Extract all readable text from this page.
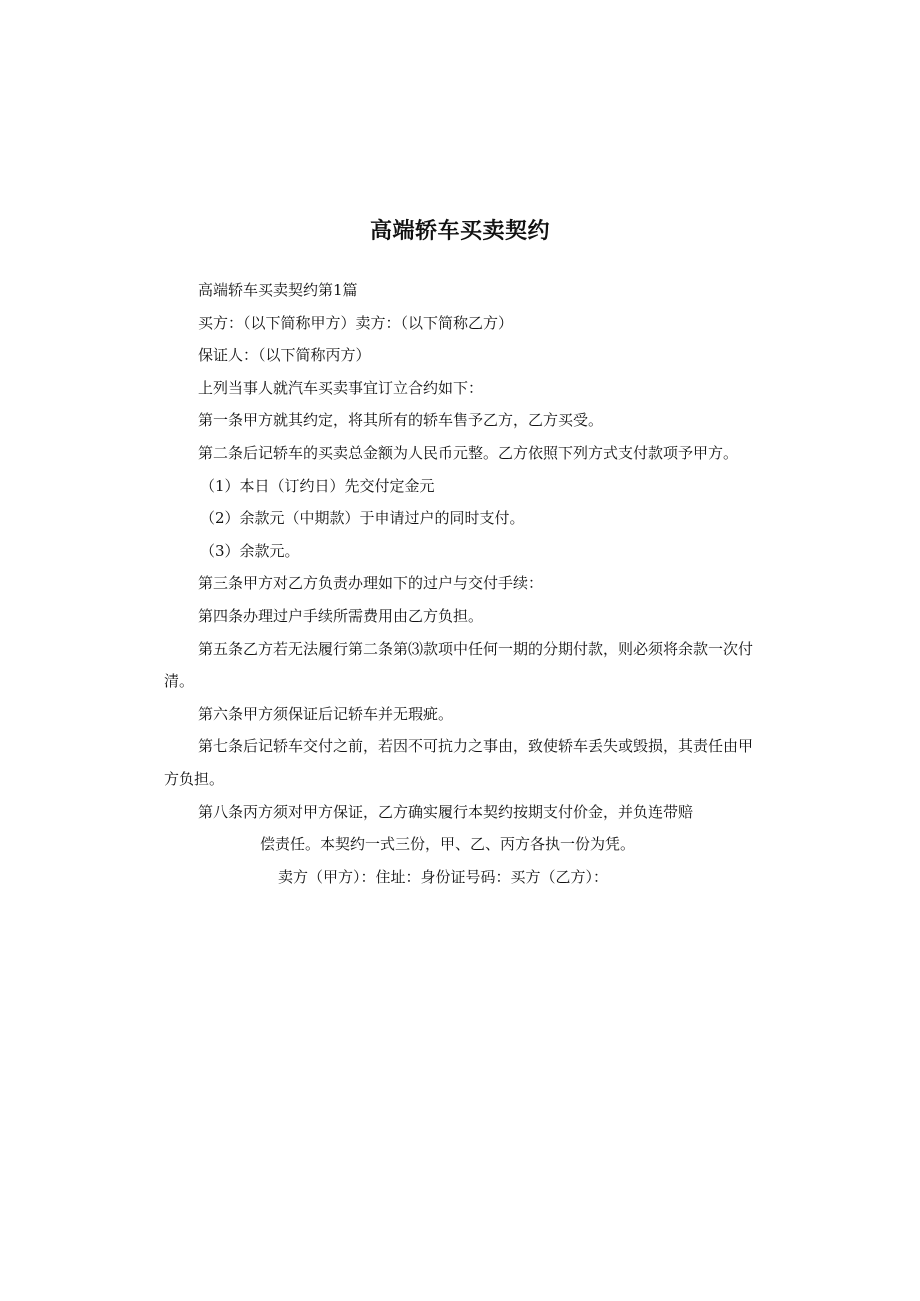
高端轿车买卖契约

高端轿车买卖契约第1篇

买方：（以下简称甲方）卖方：（以下简称乙方）

保证人：（以下简称丙方）

上列当事人就汽车买卖事宜订立合约如下：

第一条甲方就其约定，将其所有的轿车售予乙方，乙方买受。

第二条后记轿车的买卖总金额为人民币元整。乙方依照下列方式支付款项予甲方。

（1）本日（订约日）先交付定金元

（2）余款元（中期款）于申请过户的同时支付。

（3）余款元。

第三条甲方对乙方负责办理如下的过户与交付手续：

第四条办理过户手续所需费用由乙方负担。

第五条乙方若无法履行第二条第⑶款项中任何一期的分期付款，则必须将余款一次付清。

第六条甲方须保证后记轿车并无瑕疵。

第七条后记轿车交付之前，若因不可抗力之事由，致使轿车丢失或毁损，其责任由甲方负担。

第八条丙方须对甲方保证，乙方确实履行本契约按期支付价金，并负连带赔

偿责任。本契约一式三份，甲、乙、丙方各执一份为凭。

卖方（甲方）：住址：身份证号码：买方（乙方）：
